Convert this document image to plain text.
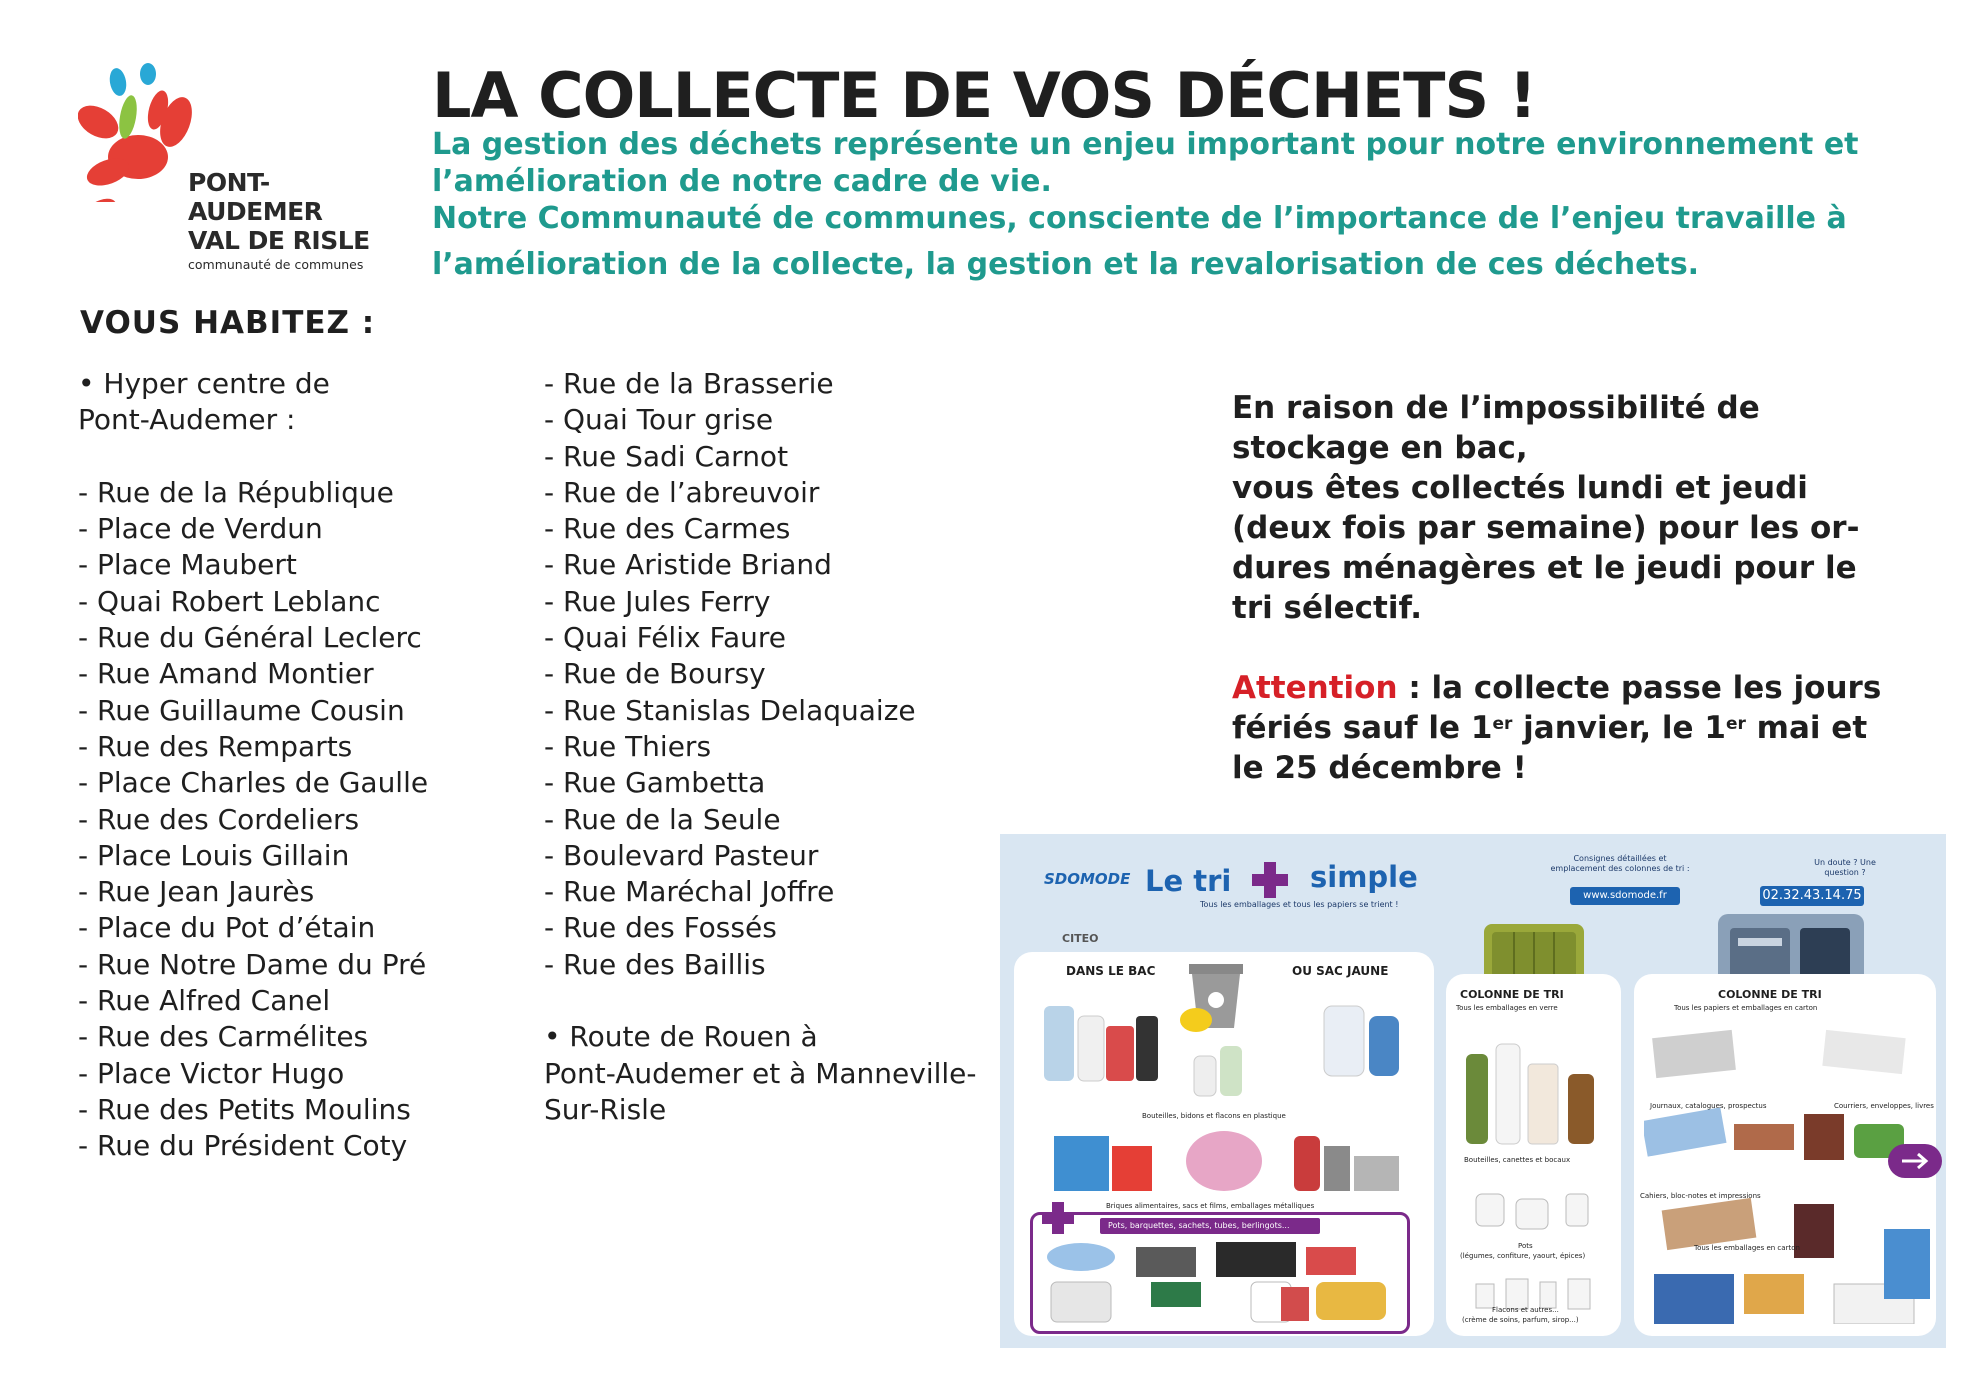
PONT-AUDEMER
VAL DE RISLE
communauté de communes
LA COLLECTE DE VOS DÉCHETS !

La gestion des déchets représente un enjeu important pour notre environnement et

l’amélioration de notre cadre de vie.

Notre Communauté de communes, consciente de l’importance de l’enjeu travaille à

l’amélioration de la collecte, la gestion et la revalorisation de ces déchets.

VOUS HABITEZ :
• Hyper centre de
Pont-Audemer :
- Rue de la République
- Place de Verdun
- Place Maubert
- Quai Robert Leblanc
- Rue du Général Leclerc
- Rue Amand Montier
- Rue Guillaume Cousin
- Rue des Remparts
- Place Charles de Gaulle
- Rue des Cordeliers
- Place Louis Gillain
- Rue Jean Jaurès
- Place du Pot d’étain
- Rue Notre Dame du Pré
- Rue Alfred Canel
- Rue des Carmélites
- Place Victor Hugo
- Rue des Petits Moulins
- Rue du Président Coty
- Rue de la Brasserie
- Quai Tour grise
- Rue Sadi Carnot
- Rue de l’abreuvoir
- Rue des Carmes
- Rue Aristide Briand
- Rue Jules Ferry
- Quai Félix Faure
- Rue de Boursy
- Rue Stanislas Delaquaize
- Rue Thiers
- Rue Gambetta
- Rue de la Seule
- Boulevard Pasteur
- Rue Maréchal Joffre
- Rue des Fossés
- Rue des Baillis
• Route de Rouen à
Pont-Audemer et à Manneville-
Sur-Risle
En raison de l’impossibilité de
stockage en bac,
vous êtes collectés lundi et jeudi
(deux fois par semaine) pour les or-
dures ménagères et le jeudi pour le
tri sélectif.
Attention : la collecte passe les jours
fériés sauf le 1er janvier, le 1er mai et
le 25 décembre !
SDOMODE Le tri	simple
Tous les emballages et tous les papiers se trient !
Consignes détaillées et emplacement des colonnes de tri :
www.sdomode.fr
Un doute ? Une question ?
02.32.43.14.75
CITEO
DANS LE BAC	OU SAC JAUNE
Bouteilles, bidons et flacons en plastique
Briques alimentaires, sacs et films, emballages métalliques
Pots, barquettes, sachets, tubes, berlingots...
COLONNE DE TRI
Tous les emballages en verre
Bouteilles, canettes et bocaux
Pots
(légumes, confiture, yaourt, épices)
Flacons et autres...
(crème de soins, parfum, sirop...)
COLONNE DE TRI
Tous les papiers et emballages en carton
Journaux, catalogues, prospectus	Courriers, enveloppes, livres
Cahiers, bloc-notes et impressions
Tous les emballages en carton
